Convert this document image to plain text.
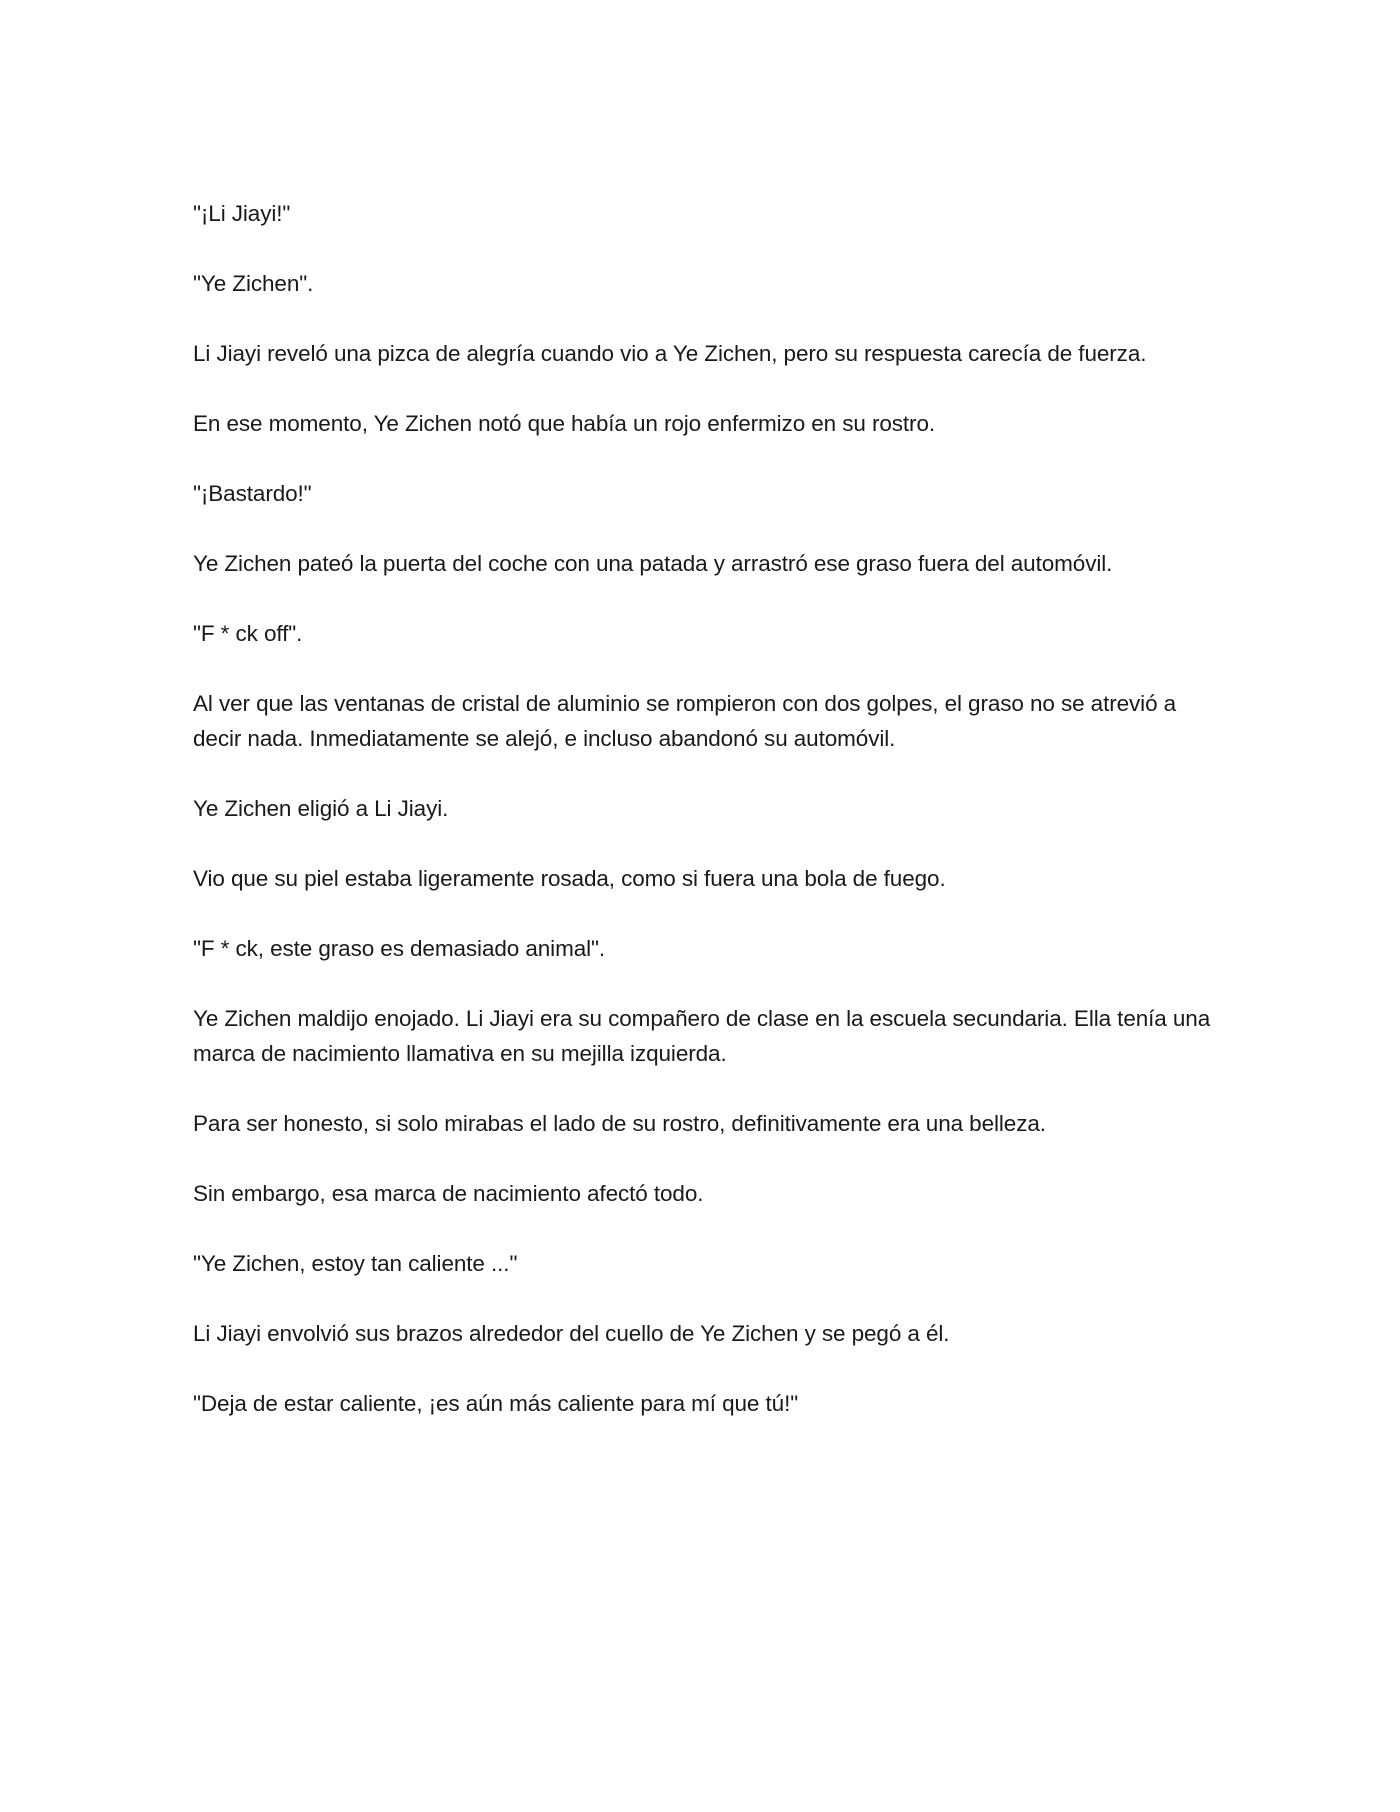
"¡Li Jiayi!"

"Ye Zichen".

Li Jiayi reveló una pizca de alegría cuando vio a Ye Zichen, pero su respuesta carecía de fuerza.

En ese momento, Ye Zichen notó que había un rojo enfermizo en su rostro.

"¡Bastardo!"

Ye Zichen pateó la puerta del coche con una patada y arrastró ese graso fuera del automóvil.

"F * ck off".

Al ver que las ventanas de cristal de aluminio se rompieron con dos golpes, el graso no se atrevió a decir nada. Inmediatamente se alejó, e incluso abandonó su automóvil.

Ye Zichen eligió a Li Jiayi.

Vio que su piel estaba ligeramente rosada, como si fuera una bola de fuego.

"F * ck, este graso es demasiado animal".

Ye Zichen maldijo enojado. Li Jiayi era su compañero de clase en la escuela secundaria. Ella tenía una marca de nacimiento llamativa en su mejilla izquierda.

Para ser honesto, si solo mirabas el lado de su rostro, definitivamente era una belleza.

Sin embargo, esa marca de nacimiento afectó todo.

"Ye Zichen, estoy tan caliente ..."

Li Jiayi envolvió sus brazos alrededor del cuello de Ye Zichen y se pegó a él.

"Deja de estar caliente, ¡es aún más caliente para mí que tú!"
